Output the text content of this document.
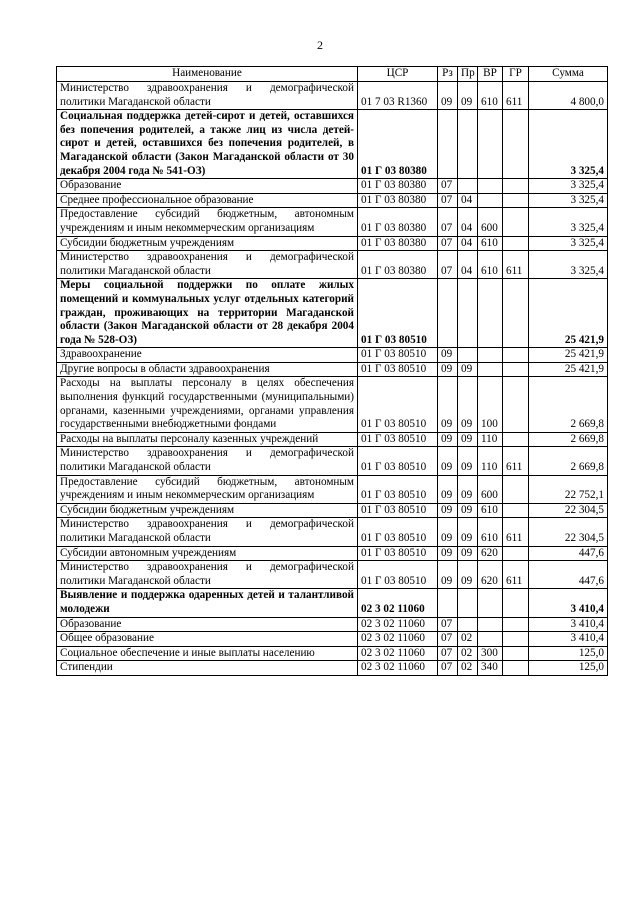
2
Наименование	ЦСР	Рз	Пр	ВР	ГР	Сумма
Министерство здравоохранения и демографической политики Магаданской области	01 7 03 R1360	09	09	610	611	4 800,0
Социальная поддержка детей-сирот и детей, оставшихся без попечения родителей, а также лиц из числа детей-сирот и детей, оставшихся без попечения родителей, в Магаданской области (Закон Магаданской области от 30 декабря 2004 года № 541-ОЗ)	01 Г 03 80380					3 325,4
Образование	01 Г 03 80380	07				3 325,4
Среднее профессиональное образование	01 Г 03 80380	07	04			3 325,4
Предоставление субсидий бюджетным, автономным учреждениям и иным некоммерческим организациям	01 Г 03 80380	07	04	600		3 325,4
Субсидии бюджетным учреждениям	01 Г 03 80380	07	04	610		3 325,4
Министерство здравоохранения и демографической политики Магаданской области	01 Г 03 80380	07	04	610	611	3 325,4
Меры социальной поддержки по оплате жилых помещений и коммунальных услуг отдельных категорий граждан, проживающих на территории Магаданской области (Закон Магаданской области от 28 декабря 2004 года № 528-ОЗ)	01 Г 03 80510					25 421,9
Здравоохранение	01 Г 03 80510	09				25 421,9
Другие вопросы в области здравоохранения	01 Г 03 80510	09	09			25 421,9
Расходы на выплаты персоналу в целях обеспечения выполнения функций государственными (муниципальными) органами, казенными учреждениями, органами управления государственными внебюджетными фондами	01 Г 03 80510	09	09	100		2 669,8
Расходы на выплаты персоналу казенных учреждений	01 Г 03 80510	09	09	110		2 669,8
Министерство здравоохранения и демографической политики Магаданской области	01 Г 03 80510	09	09	110	611	2 669,8
Предоставление субсидий бюджетным, автономным учреждениям и иным некоммерческим организациям	01 Г 03 80510	09	09	600		22 752,1
Субсидии бюджетным учреждениям	01 Г 03 80510	09	09	610		22 304,5
Министерство здравоохранения и демографической политики Магаданской области	01 Г 03 80510	09	09	610	611	22 304,5
Субсидии автономным учреждениям	01 Г 03 80510	09	09	620		447,6
Министерство здравоохранения и демографической политики Магаданской области	01 Г 03 80510	09	09	620	611	447,6
Выявление и поддержка одаренных детей и талантливой молодежи	02 3 02 11060					3 410,4
Образование	02 3 02 11060	07				3 410,4
Общее образование	02 3 02 11060	07	02			3 410,4
Социальное обеспечение и иные выплаты населению	02 3 02 11060	07	02	300		125,0
Стипендии	02 3 02 11060	07	02	340		125,0
